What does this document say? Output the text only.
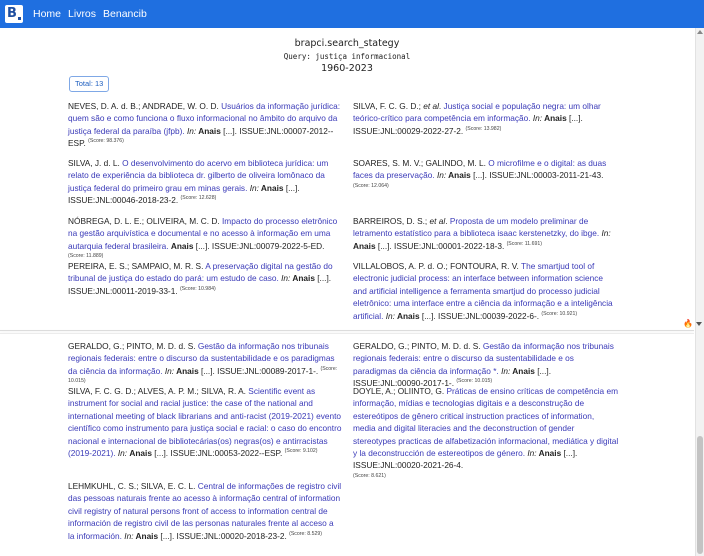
B Home Livros Benancib
brapci.search_stategy
Query: justiça informacional
1960-2023
Total: 13
NEVES, D. A. d. B.; ANDRADE, W. O. D. Usuários da informação jurídica: quem são e como funciona o fluxo informacional no âmbito do arquivo da justiça federal da paraíba (jfpb). In: Anais [...]. ISSUE:JNL:00007-2012--ESP. $^{(Score: 98.376)}$
SILVA, F. C. G. D.; et al. Justiça social e população negra: um olhar teórico-crítico para competência em informação. In: Anais [...]. ISSUE:JNL:00029-2022-27-2. $^{(Score: 13.982)}$
SILVA, J. d. L. O desenvolvimento do acervo em biblioteca jurídica: um relato de experiência da biblioteca dr. gilberto de oliveira lomônaco da justiça federal do primeiro grau em minas gerais. In: Anais [...]. ISSUE:JNL:00046-2018-23-2. $^{(Score: 12.628)}$
SOARES, S. M. V.; GALINDO, M. L. O microfilme e o digital: as duas faces da preservação. In: Anais [...]. ISSUE:JNL:00003-2011-21-43. $^{(Score: 12.064)}$
NÓBREGA, D. L. E.; OLIVEIRA, M. C. D. Impacto do processo eletrônico na gestão arquivística e documental e no acesso à informação em uma autarquia federal brasileira. Anais [...]. ISSUE:JNL:00079-2022-5-ED. $^{(Score: 11.889)}$
BARREIROS, D. S.; et al. Proposta de um modelo preliminar de letramento estatístico para a biblioteca isaac kerstenetzky, do ibge. In: Anais [...]. ISSUE:JNL:00001-2022-18-3. $^{(Score: 11.691)}$
PEREIRA, E. S.; SAMPAIO, M. R. S. A preservação digital na gestão do tribunal de justiça do estado do pará: um estudo de caso. In: Anais [...]. ISSUE:JNL:00011-2019-33-1. $^{(Score: 10.984)}$
VILLALOBOS, A. P. d. O.; FONTOURA, R. V. The smartjud tool of electronic judicial process: an interface between information science and artificial intelligence a ferramenta smartjud do processo judicial eletrônico: uma interface entre a ciência da informação e a inteligência artificial. In: Anais [...]. ISSUE:JNL:00039-2022-6-. $^{(Score: 10.921)}$
🔥
GERALDO, G.; PINTO, M. D. d. S. Gestão da informação nos tribunais regionais federais: entre o discurso da sustentabilidade e os paradigmas da ciência da informação. In: Anais [...]. ISSUE:JNL:00089-2017-1-. $^{(Score: 10.015)}$
GERALDO, G.; PINTO, M. D. d. S. Gestão da informação nos tribunais regionais federais: entre o discurso da sustentabilidade e os paradigmas da ciência da informação *. In: Anais [...]. ISSUE:JNL:00090-2017-1-. $^{(Score: 10.015)}$
SILVA, F. C. G. D.; ALVES, A. P. M.; SILVA, R. A. Scientific event as instrument for social and racial justice: the case of the national and international meeting of black librarians and anti-racist (2019-2021) evento científico como instrumento para justiça social e racial: o caso do encontro nacional e internacional de bibliotecárias(os) negras(os) e antirracistas (2019-2021). In: Anais [...]. ISSUE:JNL:00053-2022--ESP. $^{(Score: 9.102)}$
DOYLE, A.; OLIINTO, G. Práticas de ensino críticas de competência em informação, mídias e tecnologias digitais e a desconstrução de estereótipos de gênero critical instruction practices of information, media and digital literacies and the deconstruction of gender stereotypes practicas de alfabetización informacional, mediática y digital y la deconstrucción de estereotipos de género. In: Anais [...]. ISSUE:JNL:00020-2021-26-4.
(Score: 8.621)
LEHMKUHL, C. S.; SILVA, E. C. L. Central de informações de registro civil das pessoas naturais frente ao acesso à informação central of information civil registry of natural persons front of access to information central de información de registro civil de las personas naturales frente al acceso a la información. In: Anais [...]. ISSUE:JNL:00020-2018-23-2. $^{(Score: 8.529)}$
